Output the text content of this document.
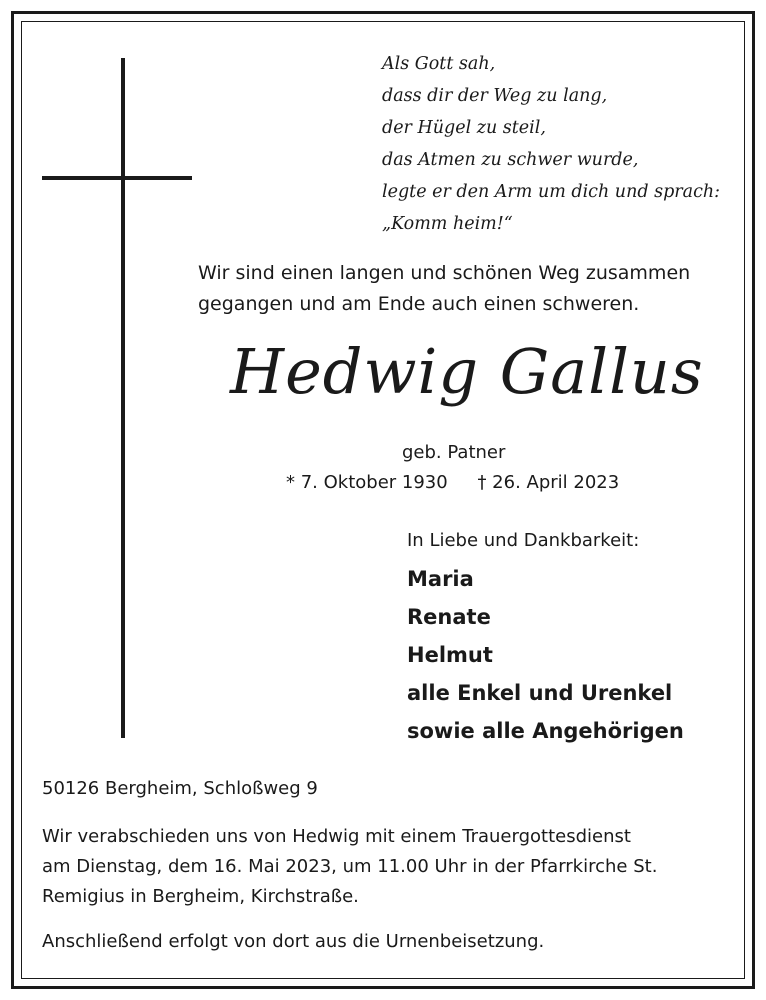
Als Gott sah,
dass dir der Weg zu lang,
der Hügel zu steil,
das Atmen zu schwer wurde,
legte er den Arm um dich und sprach:
„Komm heim!“
Wir sind einen langen und schönen Weg zusammen
gegangen und am Ende auch einen schweren.
Hedwig Gallus
geb. Patner
* 7. Oktober 1930 † 26. April 2023
In Liebe und Dankbarkeit:
Maria
Renate
Helmut
alle Enkel und Urenkel
sowie alle Angehörigen
50126 Bergheim, Schloßweg 9
Wir verabschieden uns von Hedwig mit einem Trauergottesdienst
am Dienstag, dem 16. Mai 2023, um 11.00 Uhr in der Pfarrkirche St.
Remigius in Bergheim, Kirchstraße.
Anschließend erfolgt von dort aus die Urnenbeisetzung.
